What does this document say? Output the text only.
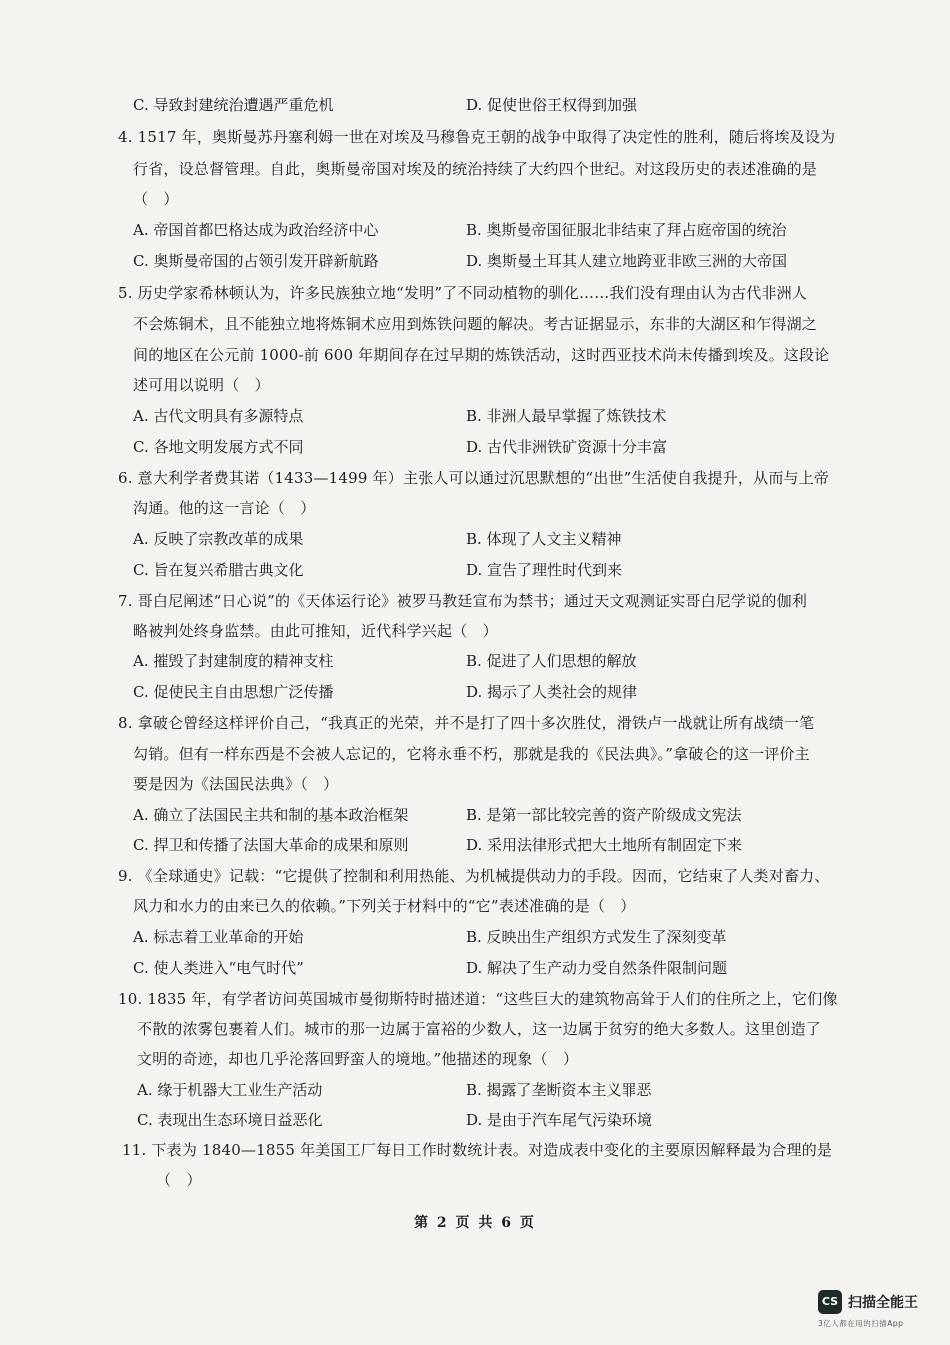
C. 导致封建统治遭遇严重危机	D. 促使世俗王权得到加强
4. 1517 年，奥斯曼苏丹塞利姆一世在对埃及马穆鲁克王朝的战争中取得了决定性的胜利，随后将埃及设为
行省，设总督管理。自此，奥斯曼帝国对埃及的统治持续了大约四个世纪。对这段历史的表述准确的是
（　）
A. 帝国首都巴格达成为政治经济中心	B. 奥斯曼帝国征服北非结束了拜占庭帝国的统治
C. 奥斯曼帝国的占领引发开辟新航路	D. 奥斯曼土耳其人建立地跨亚非欧三洲的大帝国
5. 历史学家希林顿认为，许多民族独立地“发明”了不同动植物的驯化……我们没有理由认为古代非洲人
不会炼铜术，且不能独立地将炼铜术应用到炼铁问题的解决。考古证据显示，东非的大湖区和乍得湖之
间的地区在公元前 1000-前 600 年期间存在过早期的炼铁活动，这时西亚技术尚未传播到埃及。这段论
述可用以说明（　）
A. 古代文明具有多源特点	B. 非洲人最早掌握了炼铁技术
C. 各地文明发展方式不同	D. 古代非洲铁矿资源十分丰富
6. 意大利学者费其诺（1433—1499 年）主张人可以通过沉思默想的“出世”生活使自我提升，从而与上帝
沟通。他的这一言论（　）
A. 反映了宗教改革的成果	B. 体现了人文主义精神
C. 旨在复兴希腊古典文化	D. 宣告了理性时代到来
7. 哥白尼阐述“日心说”的《天体运行论》被罗马教廷宣布为禁书；通过天文观测证实哥白尼学说的伽利
略被判处终身监禁。由此可推知，近代科学兴起（　）
A. 摧毁了封建制度的精神支柱	B. 促进了人们思想的解放
C. 促使民主自由思想广泛传播	D. 揭示了人类社会的规律
8. 拿破仑曾经这样评价自己，“我真正的光荣，并不是打了四十多次胜仗，滑铁卢一战就让所有战绩一笔
勾销。但有一样东西是不会被人忘记的，它将永垂不朽，那就是我的《民法典》。”拿破仑的这一评价主
要是因为《法国民法典》（　）
A. 确立了法国民主共和制的基本政治框架	B. 是第一部比较完善的资产阶级成文宪法
C. 捍卫和传播了法国大革命的成果和原则	D. 采用法律形式把大土地所有制固定下来
9. 《全球通史》记载：“它提供了控制和利用热能、为机械提供动力的手段。因而，它结束了人类对畜力、
风力和水力的由来已久的依赖。”下列关于材料中的“它”表述准确的是（　）
A. 标志着工业革命的开始	B. 反映出生产组织方式发生了深刻变革
C. 使人类进入“电气时代”	D. 解决了生产动力受自然条件限制问题
10. 1835 年，有学者访问英国城市曼彻斯特时描述道：“这些巨大的建筑物高耸于人们的住所之上，它们像
不散的浓雾包裹着人们。城市的那一边属于富裕的少数人，这一边属于贫穷的绝大多数人。这里创造了
文明的奇迹，却也几乎沦落回野蛮人的境地。”他描述的现象（　）
A. 缘于机器大工业生产活动	B. 揭露了垄断资本主义罪恶
C. 表现出生态环境日益恶化	D. 是由于汽车尾气污染环境
11. 下表为 1840—1855 年美国工厂每日工作时数统计表。对造成表中变化的主要原因解释最为合理的是
（　）
第 2 页 共 6 页
CS 扫描全能王
3亿人都在用的扫描App
